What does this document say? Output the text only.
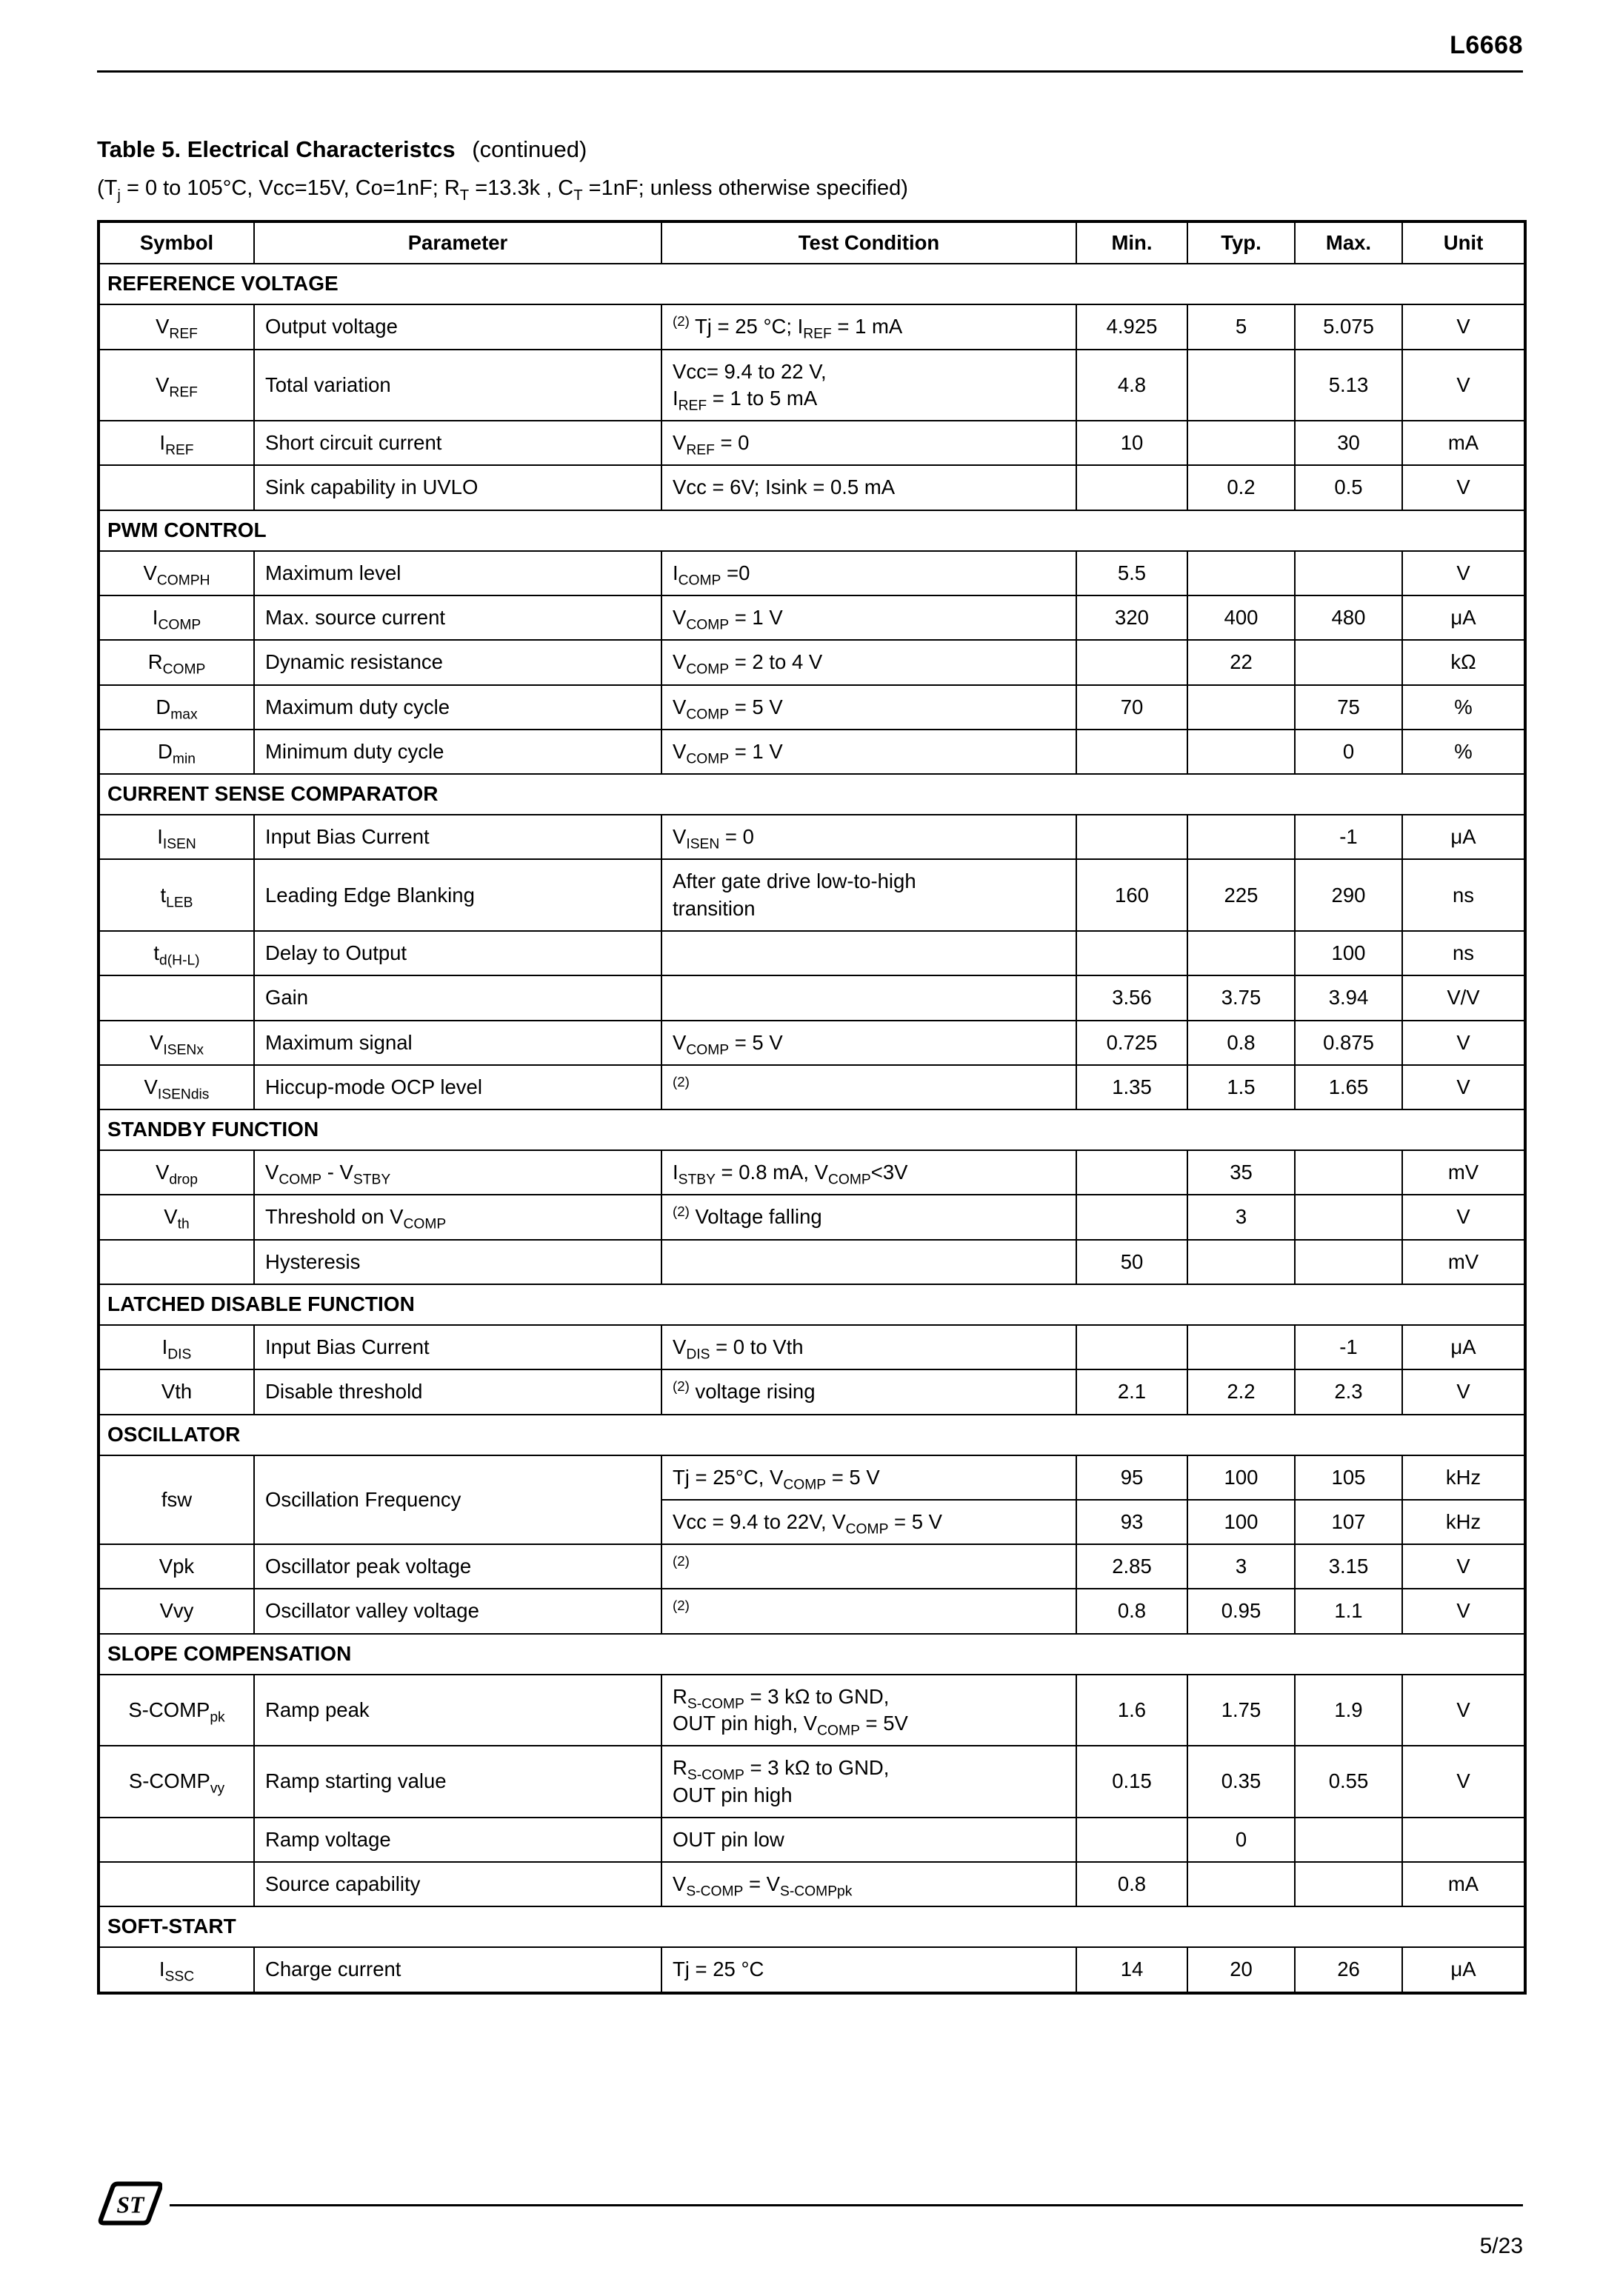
L6668
Table 5. Electrical Characteristcs (continued)

($T_j = 0$ to 105°C, Vcc=15V, Co=1nF; $R_T =13.3k$ , $C_T =1nF$; unless otherwise specified)

Symbol	Parameter	Test Condition	Min.	Typ.	Max.	Unit
REFERENCE VOLTAGE						
$V_{REF}$	Output voltage	$^{(2)}$ Tj = 25 °C; $I_{REF} = 1$ mA	4.925	5	5.075	V
$V_{REF}$	Total variation	Vcc= 9.4 to 22 V,
$I_{REF} = 1$ to 5 mA	4.8		5.13	V
$I_{REF}$	Short circuit current	$V_{REF} = 0$	10		30	mA
	Sink capability in UVLO	Vcc = 6V; Isink = 0.5 mA		0.2	0.5	V
PWM CONTROL						
$V_{COMPH}$	Maximum level	$I_{COMP} =0$	5.5			V
$I_{COMP}$	Max. source current	$V_{COMP} = 1$ V	320	400	480	μA
$R_{COMP}$	Dynamic resistance	$V_{COMP} = 2$ to 4 V		22		kΩ
$D_{max}$	Maximum duty cycle	$V_{COMP} = 5$ V	70		75	%
$D_{min}$	Minimum duty cycle	$V_{COMP} = 1$ V			0	%
CURRENT SENSE COMPARATOR						
$I_{ISEN}$	Input Bias Current	$V_{ISEN} = 0$			-1	μA
$t_{LEB}$	Leading Edge Blanking	After gate drive low-to-high
transition	160	225	290	ns
$t_{d(H-L)}$	Delay to Output				100	ns
	Gain		3.56	3.75	3.94	V/V
$V_{ISENx}$	Maximum signal	$V_{COMP} = 5$ V	0.725	0.8	0.875	V
$V_{ISENdis}$	Hiccup-mode OCP level	$^{(2)}$	1.35	1.5	1.65	V
STANDBY FUNCTION						
$V_{drop}$	$V_{COMP} - V_{STBY}$	$I_{STBY} = 0.8$ mA, $V_{COMP}<3V$		35		mV
$V_{th}$	Threshold on $V_{COMP}$	$^{(2)}$ Voltage falling		3		V
	Hysteresis		50			mV
LATCHED DISABLE FUNCTION						
$I_{DIS}$	Input Bias Current	$V_{DIS} = 0$ to Vth			-1	μA
Vth	Disable threshold	$^{(2)}$ voltage rising	2.1	2.2	2.3	V
OSCILLATOR						
fsw	Oscillation Frequency	Tj = 25°C, $V_{COMP} = 5$ V	95	100	105	kHz
		Vcc = 9.4 to 22V, $V_{COMP} = 5$ V	93	100	107	kHz
Vpk	Oscillator peak voltage	$^{(2)}$	2.85	3	3.15	V
Vvy	Oscillator valley voltage	$^{(2)}$	0.8	0.95	1.1	V
SLOPE COMPENSATION						
$S-COMP_{pk}$	Ramp peak	$R_{S-COMP} = 3$ kΩ to GND,
OUT pin high, $V_{COMP} = 5V$	1.6	1.75	1.9	V
$S-COMP_{vy}$	Ramp starting value	$R_{S-COMP} = 3$ kΩ to GND,
OUT pin high	0.15	0.35	0.55	V
	Ramp voltage	OUT pin low		0		
	Source capability	$V_{S-COMP} = V_{S-COMPpk}$	0.8			mA
SOFT-START						
$I_{SSC}$	Charge current	Tj = 25 °C	14	20	26	μA
ST
5/23
